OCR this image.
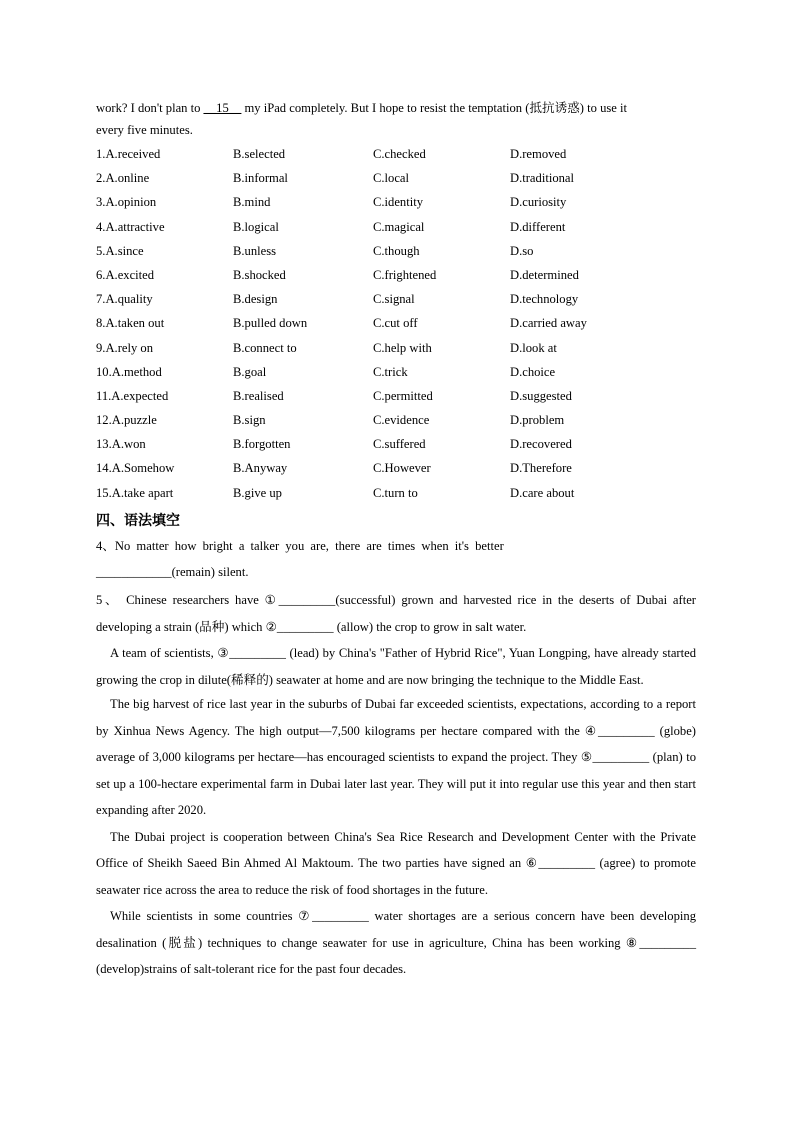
work? I don't plan to __15__ my iPad completely. But I hope to resist the temptation (抵抗诱惑) to use it
every five minutes.
1.A.received	B.selected	C.checked	D.removed
2.A.online	B.informal	C.local	D.traditional
3.A.opinion	B.mind	C.identity	D.curiosity
4.A.attractive	B.logical	C.magical	D.different
5.A.since	B.unless	C.though	D.so
6.A.excited	B.shocked	C.frightened	D.determined
7.A.quality	B.design	C.signal	D.technology
8.A.taken out	B.pulled down	C.cut off	D.carried away
9.A.rely on	B.connect to	C.help with	D.look at
10.A.method	B.goal	C.trick	D.choice
11.A.expected	B.realised	C.permitted	D.suggested
12.A.puzzle	B.sign	C.evidence	D.problem
13.A.won	B.forgotten	C.suffered	D.recovered
14.A.Somehow	B.Anyway	C.However	D.Therefore
15.A.take apart	B.give up	C.turn to	D.care about
四、语法填空
4、No matter how bright a talker you are, there are times when it's better
____________(remain) silent.

5、 Chinese researchers have ①_________(successful) grown and harvested rice in the deserts of Dubai after developing a strain (品种) which ②_________ (allow) the crop to grow in salt water.

A team of scientists, ③_________ (lead) by China's "Father of Hybrid Rice", Yuan Longping, have already started growing the crop in dilute(稀释的) seawater at home and are now bringing the technique to the Middle East.

The big harvest of rice last year in the suburbs of Dubai far exceeded scientists, expectations, according to a report by Xinhua News Agency. The high output—7,500 kilograms per hectare compared with the ④_________ (globe) average of 3,000 kilograms per hectare—has encouraged scientists to expand the project. They ⑤_________ (plan) to set up a 100-hectare experimental farm in Dubai later last year. They will put it into regular use this year and then start expanding after 2020.

The Dubai project is cooperation between China's Sea Rice Research and Development Center with the Private Office of Sheikh Saeed Bin Ahmed Al Maktoum. The two parties have signed an ⑥_________ (agree) to promote seawater rice across the area to reduce the risk of food shortages in the future.

While scientists in some countries ⑦_________ water shortages are a serious concern have been developing desalination (脱盐) techniques to change seawater for use in agriculture, China has been working ⑧_________ (develop)strains of salt-tolerant rice for the past four decades.
